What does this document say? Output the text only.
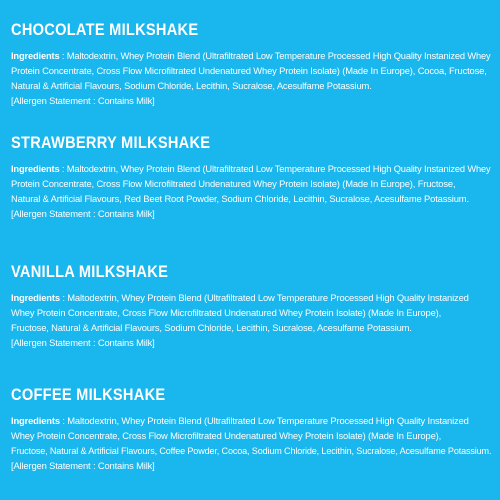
CHOCOLATE MILKSHAKE
Ingredients : Maltodextrin, Whey Protein Blend (Ultrafiltrated Low Temperature Processed High Quality Instanized Whey
Protein Concentrate, Cross Flow Microfiltrated Undenatured Whey Protein Isolate) (Made In Europe), Cocoa, Fructose,
Natural & Artificial Flavours, Sodium Chloride, Lecithin, Sucralose, Acesulfame Potassium.
[Allergen Statement : Contains Milk]
STRAWBERRY MILKSHAKE
Ingredients : Maltodextrin, Whey Protein Blend (Ultrafiltrated Low Temperature Processed High Quality Instanized Whey
Protein Concentrate, Cross Flow Microfiltrated Undenatured Whey Protein Isolate) (Made In Europe), Fructose,
Natural & Artificial Flavours, Red Beet Root Powder, Sodium Chloride, Lecithin, Sucralose, Acesulfame Potassium.
[Allergen Statement : Contains Milk]
VANILLA MILKSHAKE
Ingredients : Maltodextrin, Whey Protein Blend (Ultrafiltrated Low Temperature Processed High Quality Instanized
Whey Protein Concentrate, Cross Flow Microfiltrated Undenatured Whey Protein Isolate) (Made In Europe),
Fructose, Natural & Artificial Flavours, Sodium Chloride, Lecithin, Sucralose, Acesulfame Potassium.
[Allergen Statement : Contains Milk]
COFFEE MILKSHAKE
Ingredients : Maltodextrin, Whey Protein Blend (Ultrafiltrated Low Temperature Processed High Quality Instanized
Whey Protein Concentrate, Cross Flow Microfiltrated Undenatured Whey Protein Isolate) (Made In Europe),
Fructose, Natural & Artificial Flavours, Coffee Powder, Cocoa, Sodium Chloride, Lecithin, Sucralose, Acesulfame Potassium.
[Allergen Statement : Contains Milk]
